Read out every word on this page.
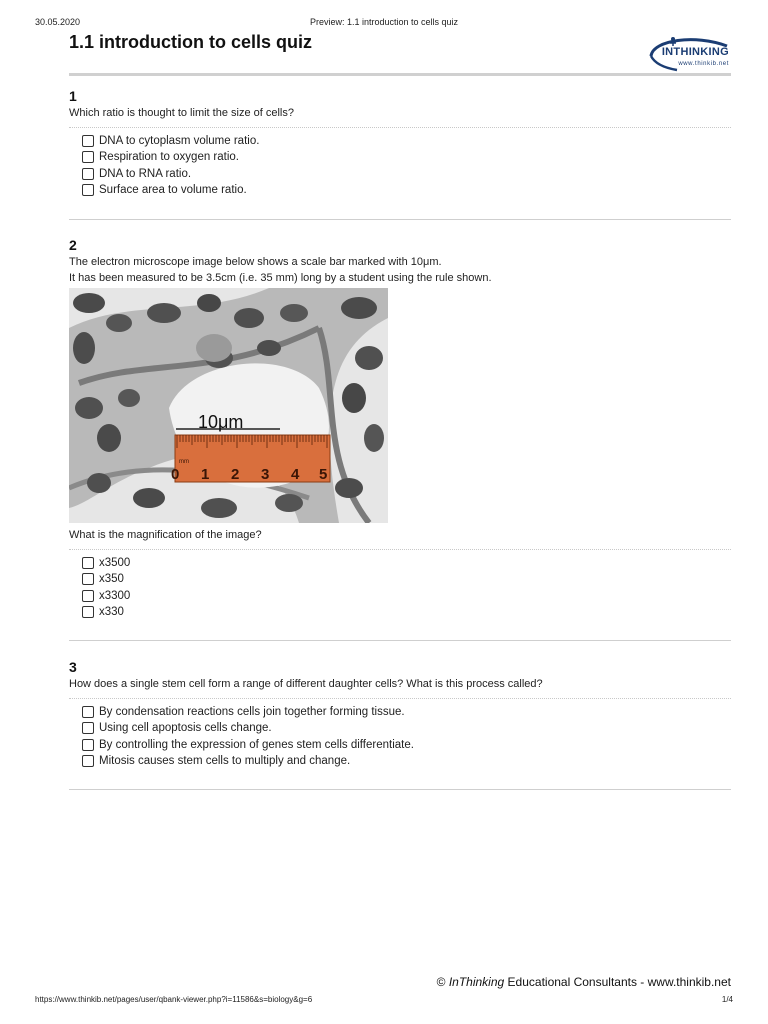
30.05.2020	Preview: 1.1 introduction to cells quiz
1.1 introduction to cells quiz	INTHINKING
www.thinkib.net
1
Which ratio is thought to limit the size of cells?
DNA to cytoplasm volume ratio.
Respiration to oxygen ratio.
DNA to RNA ratio.
Surface area to volume ratio.
2
The electron microscope image below shows a scale bar marked with 10μm.
It has been measured to be 3.5cm (i.e. 35 mm) long by a student using the rule shown.
10μm
mm
0 1 2 3 4 5
What is the magnification of the image?
x3500
x350
x3300
x330
3
How does a single stem cell form a range of different daughter cells? What is this process called?
By condensation reactions cells join together forming tissue.
Using cell apoptosis cells change.
By controlling the expression of genes stem cells differentiate.
Mitosis causes stem cells to multiply and change.
© InThinking Educational Consultants - www.thinkib.net
https://www.thinkib.net/pages/user/qbank-viewer.php?i=11586&s=biology&g=6	1/4
